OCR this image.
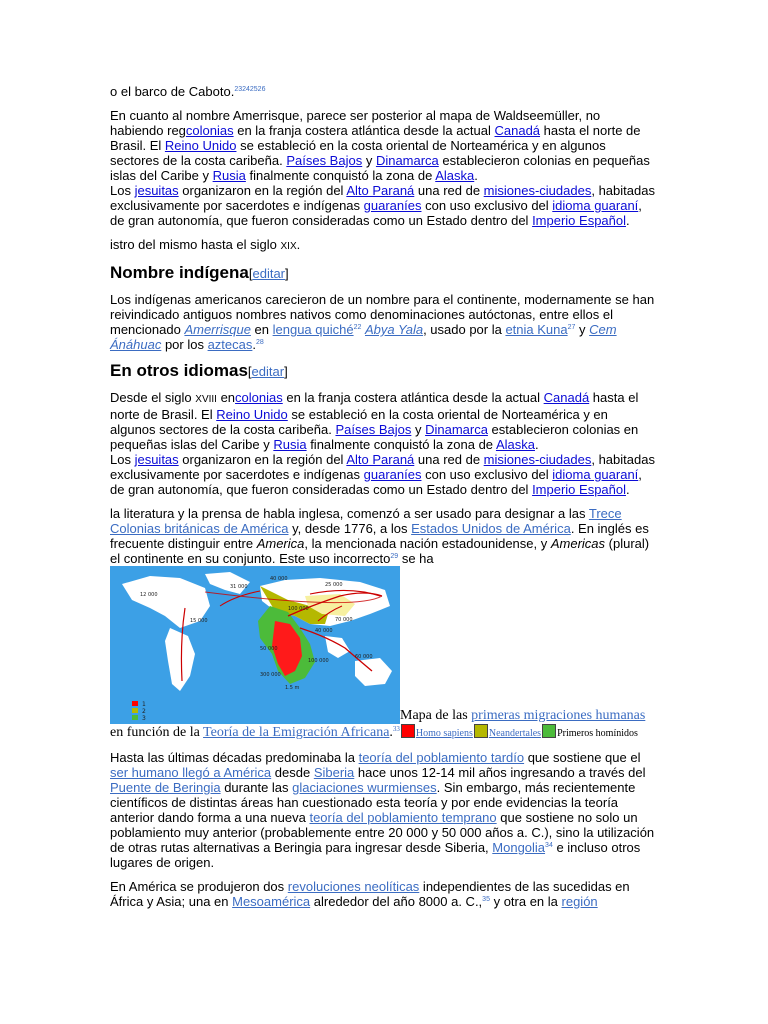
o el barco de Caboto.$^{23242526}$

En cuanto al nombre Amerrisque, parece ser posterior al mapa de Waldseemüller, no habiendo regcolonias en la franja costera atlántica desde la actual Canadá hasta el norte de Brasil. El Reino Unido se estableció en la costa oriental de Norteamérica y en algunos sectores de la costa caribeña. Países Bajos y Dinamarca establecieron colonias en pequeñas islas del Caribe y Rusia finalmente conquistó la zona de Alaska.
Los jesuitas organizaron en la región del Alto Paraná una red de misiones-ciudades, habitadas exclusivamente por sacerdotes e indígenas guaraníes con uso exclusivo del idioma guaraní, de gran autonomía, que fueron consideradas como un Estado dentro del Imperio Español.

istro del mismo hasta el siglo XIX.

Nombre indígena[editar]

Los indígenas americanos carecieron de un nombre para el continente, modernamente se han reivindicado antiguos nombres nativos como denominaciones autóctonas, entre ellos el mencionado Amerrisque en lengua quiché$^{22}$ Abya Yala, usado por la etnia Kuna$^{27}$ y Cem Ánáhuac por los aztecas.$^{28}$

En otros idiomas[editar]

Desde el siglo XVIII encolonias en la franja costera atlántica desde la actual Canadá hasta el norte de Brasil. El Reino Unido se estableció en la costa oriental de Norteamérica y en algunos sectores de la costa caribeña. Países Bajos y Dinamarca establecieron colonias en pequeñas islas del Caribe y Rusia finalmente conquistó la zona de Alaska.
Los jesuitas organizaron en la región del Alto Paraná una red de misiones-ciudades, habitadas exclusivamente por sacerdotes e indígenas guaraníes con uso exclusivo del idioma guaraní, de gran autonomía, que fueron consideradas como un Estado dentro del Imperio Español.

la literatura y la prensa de habla inglesa, comenzó a ser usado para designar a las Trece Colonias británicas de América y, desde 1776, a los Estados Unidos de América. En inglés es frecuente distinguir entre America, la mencionada nación estadounidense, y Americas (plural) el continente en su conjunto. Este uso incorrecto$^{29}$ se ha

25 000
31 000
40 000
12 000
15 000
50 000
40 000
60 000
70 000
100 000
100 000
300 000
1.5 m
1
2
3	Mapa de las primeras migraciones humanas en función de la Teoría de la Emigración Africana.$^{33}$ Homo sapiens Neandertales Primeros homínidos

Hasta las últimas décadas predominaba la teoría del poblamiento tardío que sostiene que el ser humano llegó a América desde Siberia hace unos 12-14 mil años ingresando a través del Puente de Beringia durante las glaciaciones wurmienses. Sin embargo, más recientemente científicos de distintas áreas han cuestionado esta teoría y por ende evidencias la teoría anterior dando forma a una nueva teoría del poblamiento temprano que sostiene no solo un poblamiento muy anterior (probablemente entre 20 000 y 50 000 años a. C.), sino la utilización de otras rutas alternativas a Beringia para ingresar desde Siberia, Mongolia$^{34}$ e incluso otros lugares de origen.

En América se produjeron dos revoluciones neolíticas independientes de las sucedidas en África y Asia; una en Mesoamérica alrededor del año 8000 a. C.,$^{35}$ y otra en la región
